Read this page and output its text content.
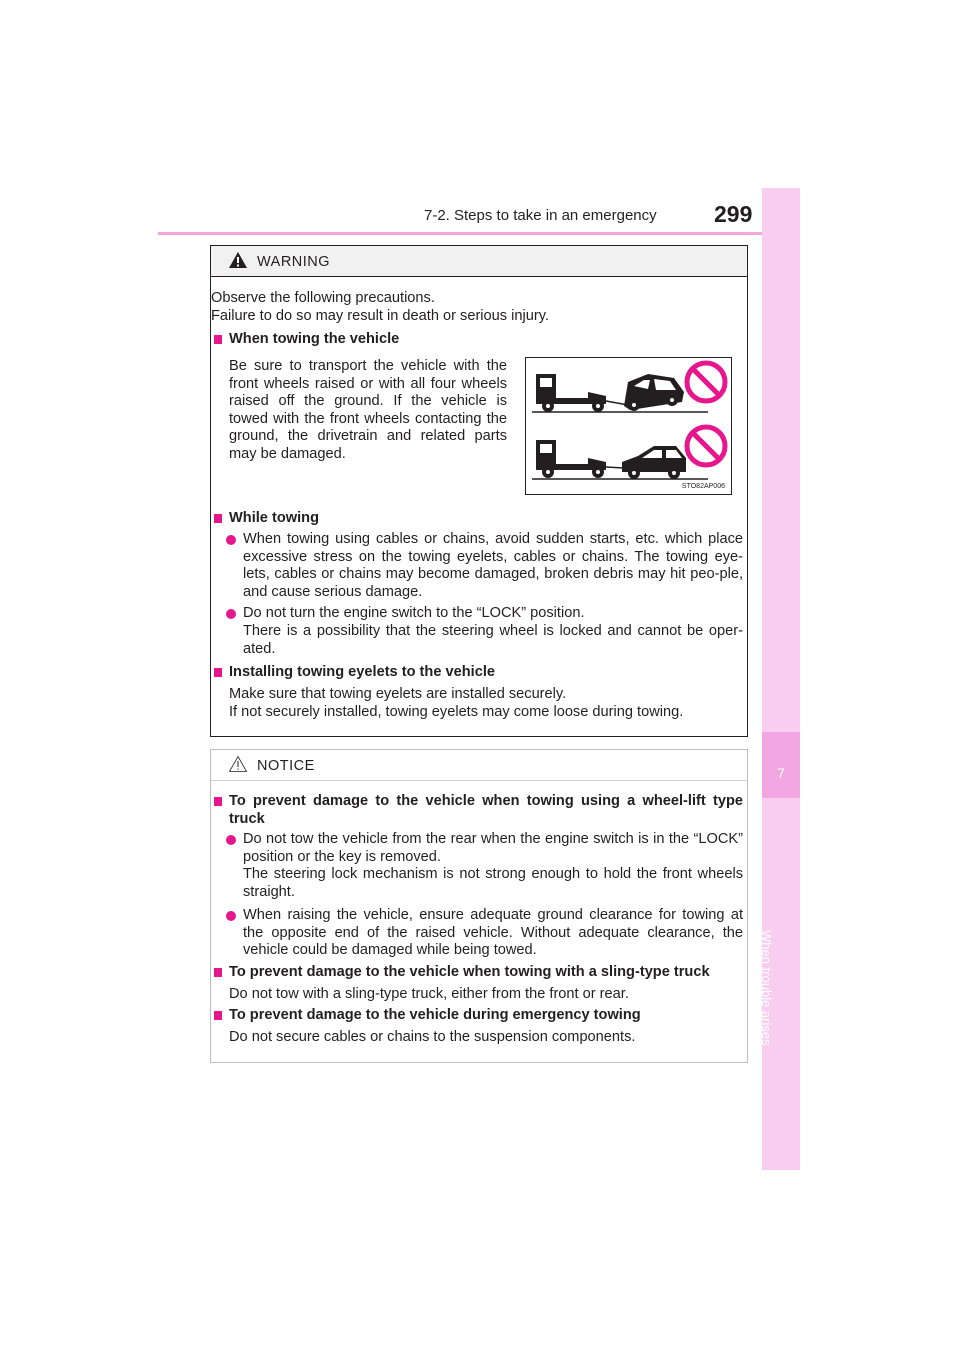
7-2. Steps to take in an emergency 299
7
When trouble arises
WARNING
Observe the following precautions.
Failure to do so may result in death or serious injury.
When towing the vehicle
Be sure to transport the vehicle with the front wheels raised or with all four wheels raised off the ground. If the vehicle is towed with the front wheels contacting the ground, the drivetrain and related parts may be damaged.
STO82AP006
While towing
When towing using cables or chains, avoid sudden starts, etc. which place excessive stress on the towing eyelets, cables or chains. The towing eye-lets, cables or chains may become damaged, broken debris may hit peo-ple, and cause serious damage.
Do not turn the engine switch to the “LOCK” position.
There is a possibility that the steering wheel is locked and cannot be oper-ated.
Installing towing eyelets to the vehicle
Make sure that towing eyelets are installed securely.
If not securely installed, towing eyelets may come loose during towing.
NOTICE
To prevent damage to the vehicle when towing using a wheel-lift type truck
Do not tow the vehicle from the rear when the engine switch is in the “LOCK” position or the key is removed.
The steering lock mechanism is not strong enough to hold the front wheels straight.
When raising the vehicle, ensure adequate ground clearance for towing at the opposite end of the raised vehicle. Without adequate clearance, the vehicle could be damaged while being towed.
To prevent damage to the vehicle when towing with a sling-type truck
Do not tow with a sling-type truck, either from the front or rear.
To prevent damage to the vehicle during emergency towing
Do not secure cables or chains to the suspension components.
